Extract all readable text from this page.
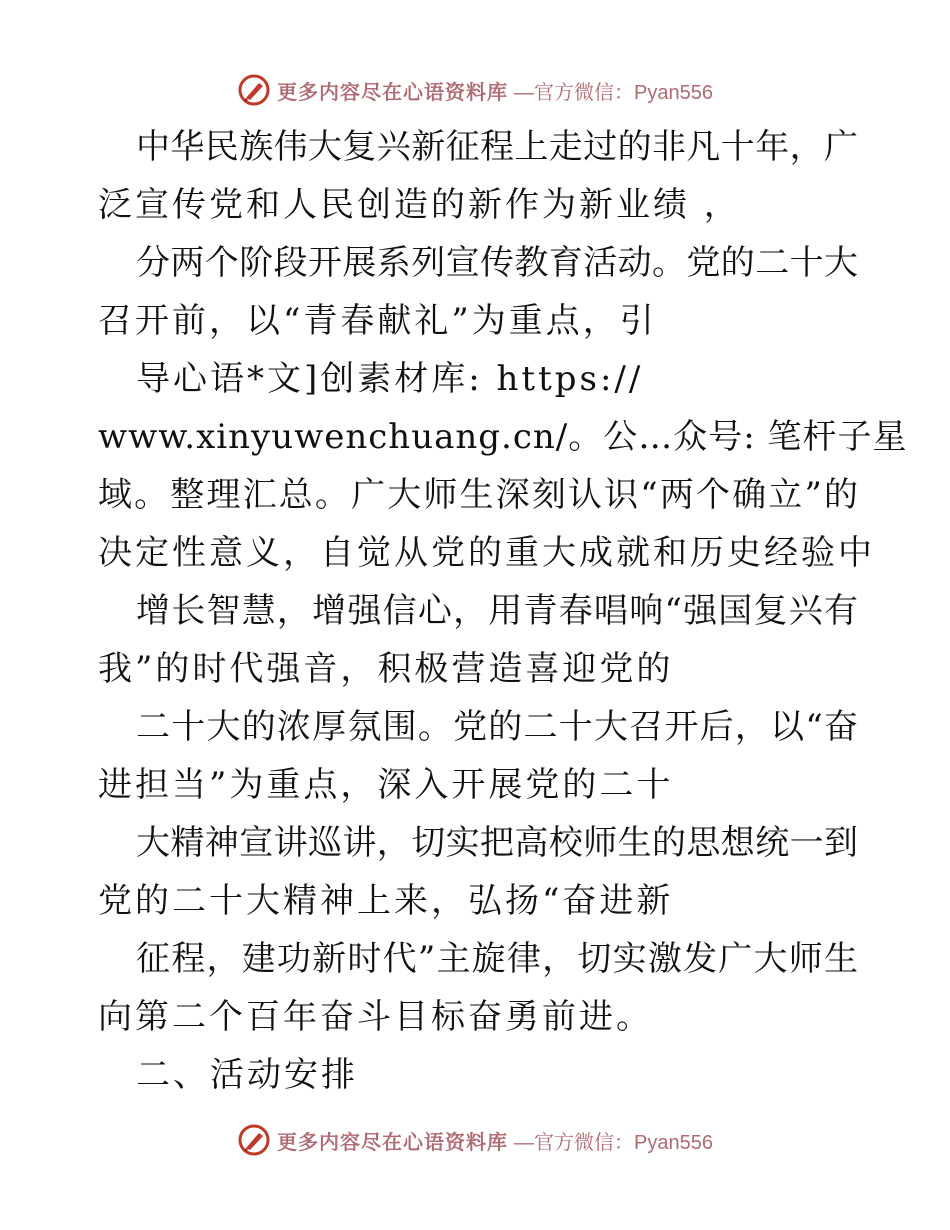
更多内容尽在心语资料库 —官方微信：Pyan556
中华民族伟大复兴新征程上走过的非凡十年，广
泛宣传党和人民创造的新作为新业绩 ，
分两个阶段开展系列宣传教育活动。党的二十大
召开前，以“青春献礼”为重点，引
导心语*文]创素材库: https://
www.xinyuwenchuang.cn/。公…众号: 笔杆子星
域。整理汇总。广大师生深刻认识“两个确立”的
决定性意义，自觉从党的重大成就和历史经验中
增长智慧，增强信心，用青春唱响“强国复兴有
我”的时代强音，积极营造喜迎党的
二十大的浓厚氛围。党的二十大召开后，以“奋
进担当”为重点，深入开展党的二十
大精神宣讲巡讲，切实把高校师生的思想统一到
党的二十大精神上来，弘扬“奋进新
征程，建功新时代”主旋律，切实激发广大师生
向第二个百年奋斗目标奋勇前进。
二、活动安排
更多内容尽在心语资料库 —官方微信：Pyan556
